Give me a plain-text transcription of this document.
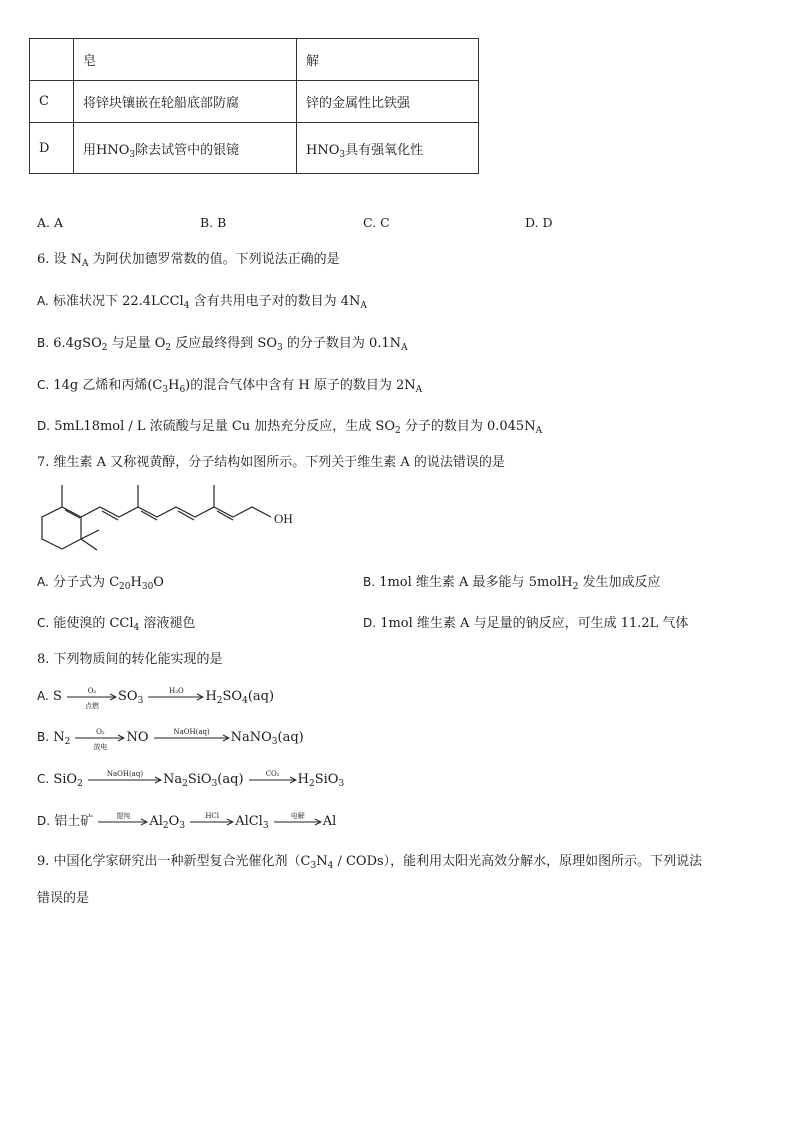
	皂	解
C	将锌块镶嵌在轮船底部防腐	锌的金属性比铁强
D	用$HNO_3$除去试管中的银镜	$HNO_3$具有强氧化性
A. A	B. B	C. C	D. D
6. 设 $N_A$ 为阿伏加德罗常数的值。下列说法正确的是
A. 标准状况下 22.4LCCl$_4$ 含有共用电子对的数目为 $4N_A$
B. 6.4gSO$_2$ 与足量 $O_2$ 反应最终得到 $SO_3$ 的分子数目为 $0.1N_A$
C. 14g 乙烯和丙烯$(C_3H_6)$的混合气体中含有 H 原子的数目为 $2N_A$
D. 5mL18mol / L 浓硫酸与足量 Cu 加热充分反应，生成 $SO_2$ 分子的数目为 $0.045N_A$
7. 维生素 A 又称视黄醇，分子结构如图所示。下列关于维生素 A 的说法错误的是
OH
A. 分子式为 $C_{20}H_{30}O$	B. 1mol 维生素 A 最多能与 5molH$_2$ 发生加成反应
C. 能使溴的 CCl$_4$ 溶液褪色	D. 1mol 维生素 A 与足量的钠反应，可生成 11.2L 气体
8. 下列物质间的转化能实现的是
A. S	O₂
点燃
$SO_3$
H₂O	$H_2SO_4(aq)$
B. $N_2$
O₂
放电
NO	NaOH(aq)	NaNO$_3$(aq)
C. SiO$_2$
NaOH(aq)	$Na_2SiO_3(aq)$	CO₂	$H_2SiO_3$
D. 铝土矿	提纯	$Al_2O_3$
HCl	AlCl$_3$
电解	Al
9. 中国化学家研究出一种新型复合光催化剂（$C_3N_4$ / CODs），能利用太阳光高效分解水，原理如图所示。下列说法
错误的是
